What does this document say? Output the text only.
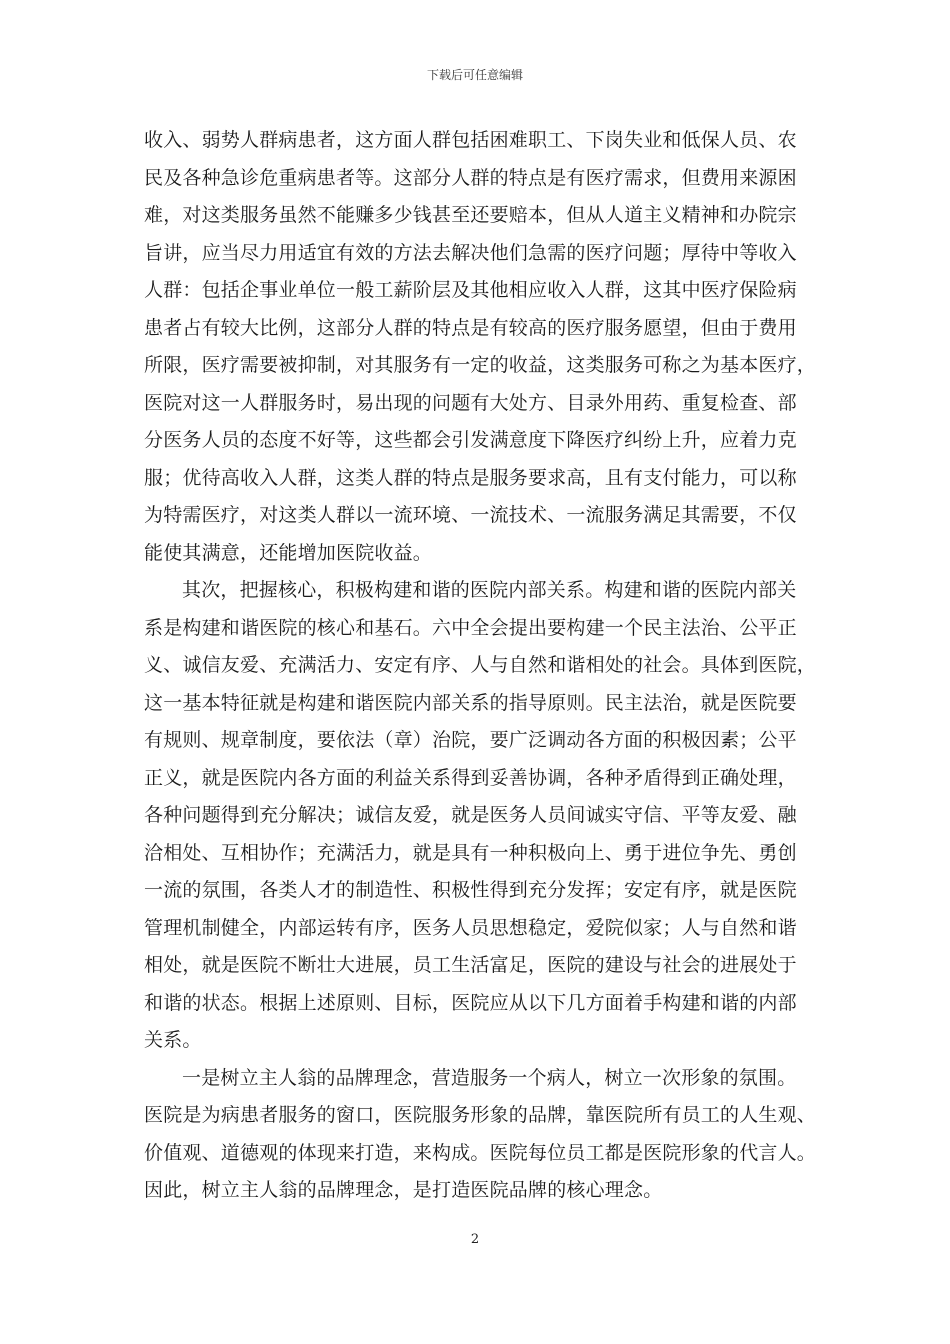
下载后可任意编辑
收入、弱势人群病患者，这方面人群包括困难职工、下岗失业和低保人员、农
民及各种急诊危重病患者等。这部分人群的特点是有医疗需求，但费用来源困
难，对这类服务虽然不能赚多少钱甚至还要赔本，但从人道主义精神和办院宗
旨讲，应当尽力用适宜有效的方法去解决他们急需的医疗问题；厚待中等收入
人群：包括企事业单位一般工薪阶层及其他相应收入人群，这其中医疗保险病
患者占有较大比例，这部分人群的特点是有较高的医疗服务愿望，但由于费用
所限，医疗需要被抑制，对其服务有一定的收益，这类服务可称之为基本医疗，
医院对这一人群服务时，易出现的问题有大处方、目录外用药、重复检查、部
分医务人员的态度不好等，这些都会引发满意度下降医疗纠纷上升，应着力克
服；优待高收入人群，这类人群的特点是服务要求高，且有支付能力，可以称
为特需医疗，对这类人群以一流环境、一流技术、一流服务满足其需要，不仅
能使其满意，还能增加医院收益。
其次，把握核心，积极构建和谐的医院内部关系。构建和谐的医院内部关
系是构建和谐医院的核心和基石。六中全会提出要构建一个民主法治、公平正
义、诚信友爱、充满活力、安定有序、人与自然和谐相处的社会。具体到医院，
这一基本特征就是构建和谐医院内部关系的指导原则。民主法治，就是医院要
有规则、规章制度，要依法（章）治院，要广泛调动各方面的积极因素；公平
正义，就是医院内各方面的利益关系得到妥善协调，各种矛盾得到正确处理，
各种问题得到充分解决；诚信友爱，就是医务人员间诚实守信、平等友爱、融
洽相处、互相协作；充满活力，就是具有一种积极向上、勇于进位争先、勇创
一流的氛围，各类人才的制造性、积极性得到充分发挥；安定有序，就是医院
管理机制健全，内部运转有序，医务人员思想稳定，爱院似家；人与自然和谐
相处，就是医院不断壮大进展，员工生活富足，医院的建设与社会的进展处于
和谐的状态。根据上述原则、目标，医院应从以下几方面着手构建和谐的内部
关系。
一是树立主人翁的品牌理念，营造服务一个病人，树立一次形象的氛围。
医院是为病患者服务的窗口，医院服务形象的品牌，靠医院所有员工的人生观、
价值观、道德观的体现来打造，来构成。医院每位员工都是医院形象的代言人。
因此，树立主人翁的品牌理念，是打造医院品牌的核心理念。
2
